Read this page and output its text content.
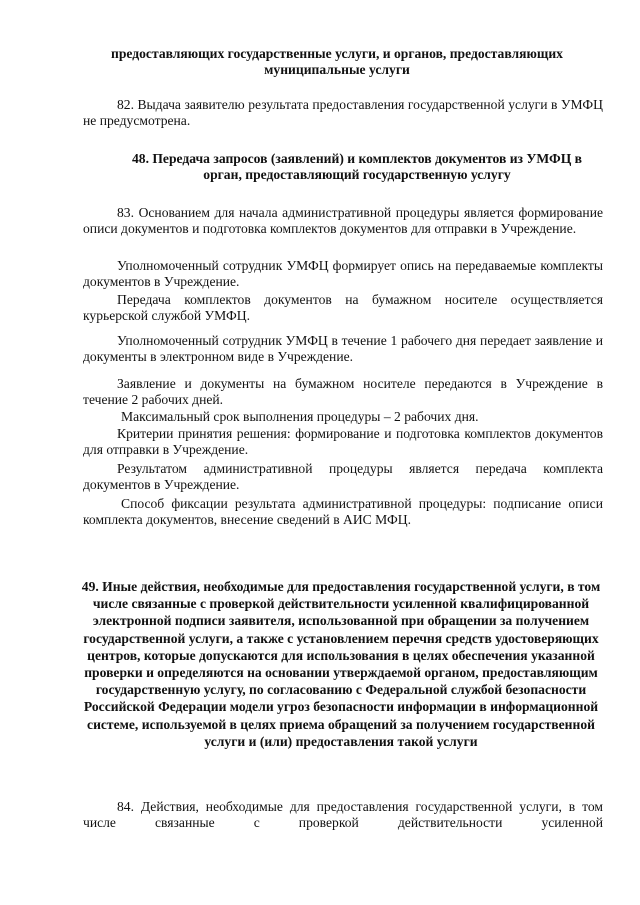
предоставляющих государственные услуги, и органов, предоставляющих муниципальные услуги
82. Выдача заявителю результата предоставления государственной услуги в УМФЦ не предусмотрена.
48. Передача запросов (заявлений) и комплектов документов из УМФЦ в орган, предоставляющий государственную услугу
83. Основанием для начала административной процедуры является формирование описи документов и подготовка комплектов документов для отправки в Учреждение.
Уполномоченный сотрудник УМФЦ формирует опись на передаваемые комплекты документов в Учреждение.
Передача комплектов документов на бумажном носителе осуществляется курьерской службой УМФЦ.
Уполномоченный сотрудник УМФЦ в течение 1 рабочего дня передает заявление и документы в электронном виде в Учреждение.
Заявление и документы на бумажном носителе передаются в Учреждение в течение 2 рабочих дней.
Максимальный срок выполнения процедуры – 2 рабочих дня.
Критерии принятия решения: формирование и подготовка комплектов документов для отправки в Учреждение.
Результатом административной процедуры является передача комплекта документов в Учреждение.
Способ фиксации результата административной процедуры: подписание описи комплекта документов, внесение сведений в АИС МФЦ.
49. Иные действия, необходимые для предоставления государственной услуги, в том числе связанные с проверкой действительности усиленной квалифицированной электронной подписи заявителя, использованной при обращении за получением государственной услуги, а также с установлением перечня средств удостоверяющих центров, которые допускаются для использования в целях обеспечения указанной проверки и определяются на основании утверждаемой органом, предоставляющим государственную услугу, по согласованию с Федеральной службой безопасности Российской Федерации модели угроз безопасности информации в информационной системе, используемой в целях приема обращений за получением государственной услуги и (или) предоставления такой услуги
84. Действия, необходимые для предоставления государственной услуги, в том числе связанные с проверкой действительности усиленной
